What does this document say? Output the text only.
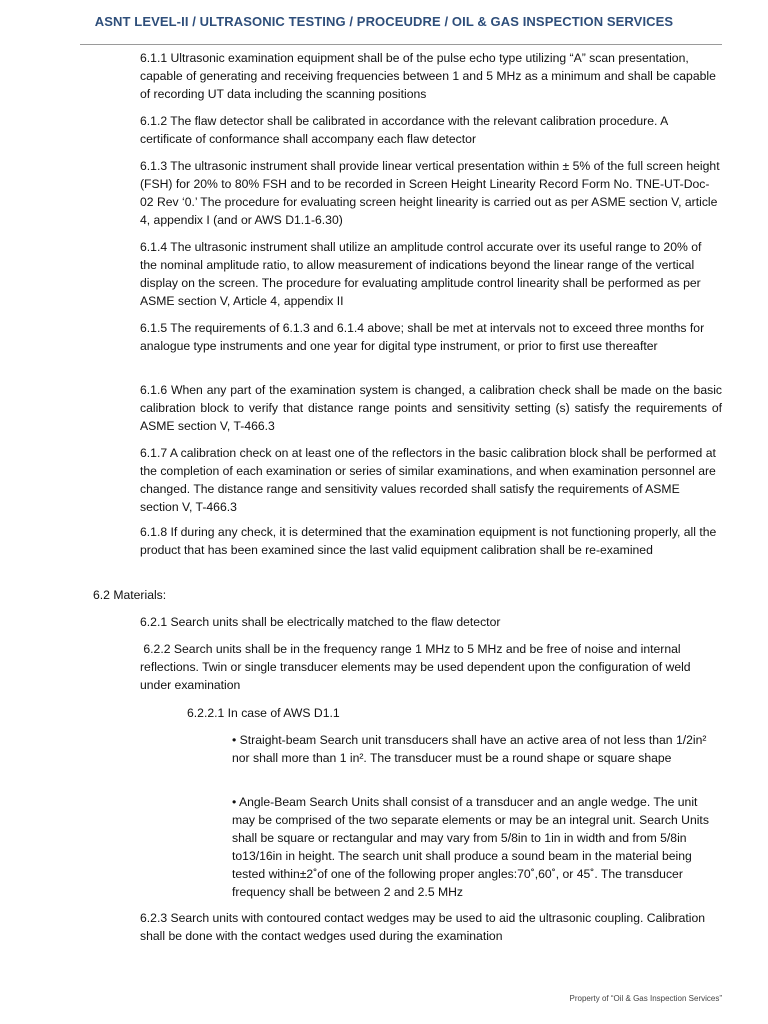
ASNT LEVEL-II / ULTRASONIC TESTING / PROCEUDRE / OIL & GAS INSPECTION SERVICES

6.1.1 Ultrasonic examination equipment shall be of the pulse echo type utilizing “A” scan presentation, capable of generating and receiving frequencies between 1 and 5 MHz as a minimum and shall be capable of recording UT data including the scanning positions

6.1.2 The flaw detector shall be calibrated in accordance with the relevant calibration procedure. A certificate of conformance shall accompany each flaw detector

6.1.3 The ultrasonic instrument shall provide linear vertical presentation within ± 5% of the full screen height (FSH) for 20% to 80% FSH and to be recorded in Screen Height Linearity Record Form No. TNE-UT-Doc-02 Rev ‘0.’ The procedure for evaluating screen height linearity is carried out as per ASME section V, article 4, appendix I (and or AWS D1.1-6.30)

6.1.4 The ultrasonic instrument shall utilize an amplitude control accurate over its useful range to 20% of the nominal amplitude ratio, to allow measurement of indications beyond the linear range of the vertical display on the screen. The procedure for evaluating amplitude control linearity shall be performed as per ASME section V, Article 4, appendix II

6.1.5 The requirements of 6.1.3 and 6.1.4 above; shall be met at intervals not to exceed three months for analogue type instruments and one year for digital type instrument, or prior to first use thereafter

6.1.6 When any part of the examination system is changed, a calibration check shall be made on the basic calibration block to verify that distance range points and sensitivity setting (s) satisfy the requirements of ASME section V, T-466.3

6.1.7 A calibration check on at least one of the reflectors in the basic calibration block shall be performed at the completion of each examination or series of similar examinations, and when examination personnel are changed. The distance range and sensitivity values recorded shall satisfy the requirements of ASME section V, T-466.3

6.1.8 If during any check, it is determined that the examination equipment is not functioning properly, all the product that has been examined since the last valid equipment calibration shall be re-examined

6.2 Materials:

6.2.1 Search units shall be electrically matched to the flaw detector

6.2.2 Search units shall be in the frequency range 1 MHz to 5 MHz and be free of noise and internal reflections. Twin or single transducer elements may be used dependent upon the configuration of weld under examination

6.2.2.1 In case of AWS D1.1

• Straight-beam Search unit transducers shall have an active area of not less than 1/2in² nor shall more than 1 in². The transducer must be a round shape or square shape

• Angle-Beam Search Units shall consist of a transducer and an angle wedge. The unit may be comprised of the two separate elements or may be an integral unit. Search Units shall be square or rectangular and may vary from 5/8in to 1in in width and from 5/8in to13/16in in height. The search unit shall produce a sound beam in the material being tested within±2˚of one of the following proper angles:70˚,60˚, or 45˚. The transducer frequency shall be between 2 and 2.5 MHz

6.2.3 Search units with contoured contact wedges may be used to aid the ultrasonic coupling. Calibration shall be done with the contact wedges used during the examination

Property of “Oil & Gas Inspection Services”
